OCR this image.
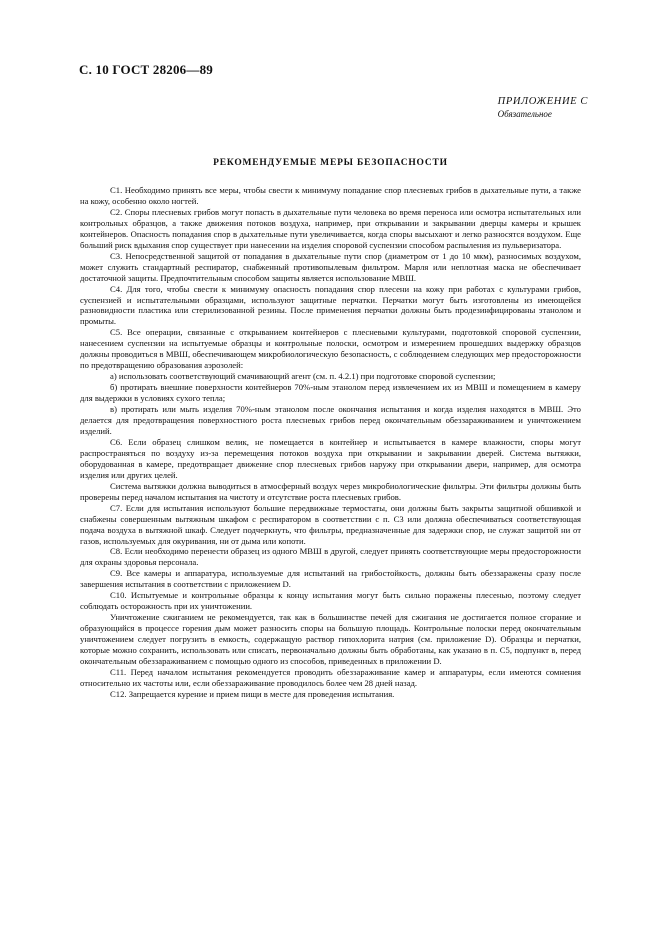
С. 10 ГОСТ 28206—89
ПРИЛОЖЕНИЕ С
Обязательное
РЕКОМЕНДУЕМЫЕ МЕРЫ БЕЗОПАСНОСТИ

С1. Необходимо принять все меры, чтобы свести к минимуму попадание спор плесневых грибов в дыхательные пути, а также на кожу, особенно около ногтей.

С2. Споры плесневых грибов могут попасть в дыхательные пути человека во время переноса или осмотра испытательных или контрольных образцов, а также движения потоков воздуха, например, при открывании и закрывании дверцы камеры и крышек контейнеров. Опасность попадания спор в дыхательные пути увеличивается, когда споры высыхают и легко разносятся воздухом. Еще больший риск вдыхания спор существует при нанесении на изделия споровой суспензии способом распыления из пульверизатора.

С3. Непосредственной защитой от попадания в дыхательные пути спор (диаметром от 1 до 10 мкм), разносимых воздухом, может служить стандартный респиратор, снабженный противопылевым фильтром. Марля или неплотная маска не обеспечивает достаточной защиты. Предпочтительным способом защиты является использование МВШ.

С4. Для того, чтобы свести к минимуму опасность попадания спор плесени на кожу при работах с культурами грибов, суспензией и испытательными образцами, используют защитные перчатки. Перчатки могут быть изготовлены из имеющейся разновидности пластика или стерилизованной резины. После применения перчатки должны быть продезинфицированы этанолом и промыты.

С5. Все операции, связанные с открыванием контейнеров с плесневыми культурами, подготовкой споровой суспензии, нанесением суспензии на испытуемые образцы и контрольные полоски, осмотром и измерением прошедших выдержку образцов должны проводиться в МВШ, обеспечивающем микробиологическую безопасность, с соблюдением следующих мер предосторожности по предотвращению образования аэрозолей:

а) использовать соответствующий смачивающий агент (см. п. 4.2.1) при подготовке споровой суспензии;

б) протирать внешние поверхности контейнеров 70%-ным этанолом перед извлечением их из МВШ и помещением в камеру для выдержки в условиях сухого тепла;

в) протирать или мыть изделия 70%-ным этанолом после окончания испытания и когда изделия находятся в МВШ. Это делается для предотвращения поверхностного роста плесневых грибов перед окончательным обеззараживанием и уничтожением изделий.

С6. Если образец слишком велик, не помещается в контейнер и испытывается в камере влажности, споры могут распространяться по воздуху из-за перемещения потоков воздуха при открывании и закрывании дверей. Система вытяжки, оборудованная в камере, предотвращает движение спор плесневых грибов наружу при открывании двери, например, для осмотра изделия или других целей.

Система вытяжки должна выводиться в атмосферный воздух через микробиологические фильтры. Эти фильтры должны быть проверены перед началом испытания на чистоту и отсутствие роста плесневых грибов.

С7. Если для испытания используют большие передвижные термостаты, они должны быть закрыты защитной обшивкой и снабжены совершенным вытяжным шкафом с респиратором в соответствии с п. С3 или должна обеспечиваться соответствующая подача воздуха в вытяжной шкаф. Следует подчеркнуть, что фильтры, предназначенные для задержки спор, не служат защитой ни от газов, используемых для окуривания, ни от дыма или копоти.

С8. Если необходимо перенести образец из одного МВШ в другой, следует принять соответствующие меры предосторожности для охраны здоровья персонала.

С9. Все камеры и аппаратура, используемые для испытаний на грибостойкость, должны быть обеззаражены сразу после завершения испытания в соответствии с приложением D.

С10. Испытуемые и контрольные образцы к концу испытания могут быть сильно поражены плесенью, поэтому следует соблюдать осторожность при их уничтожении.

Уничтожение сжиганием не рекомендуется, так как в большинстве печей для сжигания не достигается полное сгорание и образующийся в процессе горения дым может разносить споры на большую площадь. Контрольные полоски перед окончательным уничтожением следует погрузить в емкость, содержащую раствор гипохлорита натрия (см. приложение D). Образцы и перчатки, которые можно сохранить, использовать или списать, первоначально должны быть обработаны, как указано в п. С5, подпункт в, перед окончательным обеззараживанием с помощью одного из способов, приведенных в приложении D.

С11. Перед началом испытания рекомендуется проводить обеззараживание камер и аппаратуры, если имеются сомнения относительно их частоты или, если обеззараживание проводилось более чем 28 дней назад.

С12. Запрещается курение и прием пищи в месте для проведения испытания.
